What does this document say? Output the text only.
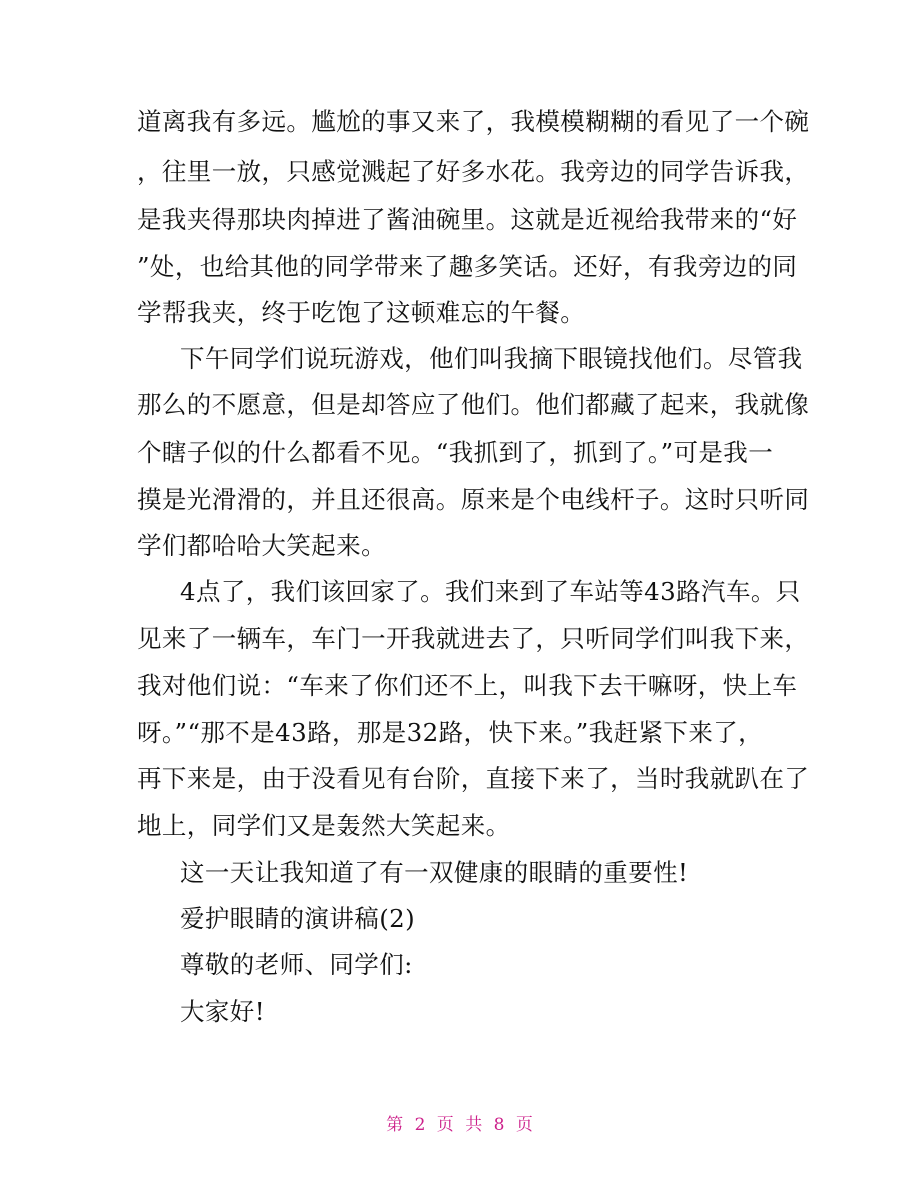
道离我有多远。尴尬的事又来了，我模模糊糊的看见了一个碗
，往里一放，只感觉溅起了好多水花。我旁边的同学告诉我，
是我夹得那块肉掉进了酱油碗里。这就是近视给我带来的“好
”处，也给其他的同学带来了趣多笑话。还好，有我旁边的同
学帮我夹，终于吃饱了这顿难忘的午餐。
下午同学们说玩游戏，他们叫我摘下眼镜找他们。尽管我
那么的不愿意，但是却答应了他们。他们都藏了起来，我就像
个瞎子似的什么都看不见。“我抓到了，抓到了。”可是我一
摸是光滑滑的，并且还很高。原来是个电线杆子。这时只听同
学们都哈哈大笑起来。
4点了，我们该回家了。我们来到了车站等43路汽车。只
见来了一辆车，车门一开我就进去了，只听同学们叫我下来，
我对他们说：“车来了你们还不上，叫我下去干嘛呀，快上车
呀。”“那不是43路，那是32路，快下来。”我赶紧下来了，
再下来是，由于没看见有台阶，直接下来了，当时我就趴在了
地上，同学们又是轰然大笑起来。
这一天让我知道了有一双健康的眼睛的重要性!
爱护眼睛的演讲稿(2)
尊敬的老师、同学们:
大家好!
第 2 页 共 8 页
